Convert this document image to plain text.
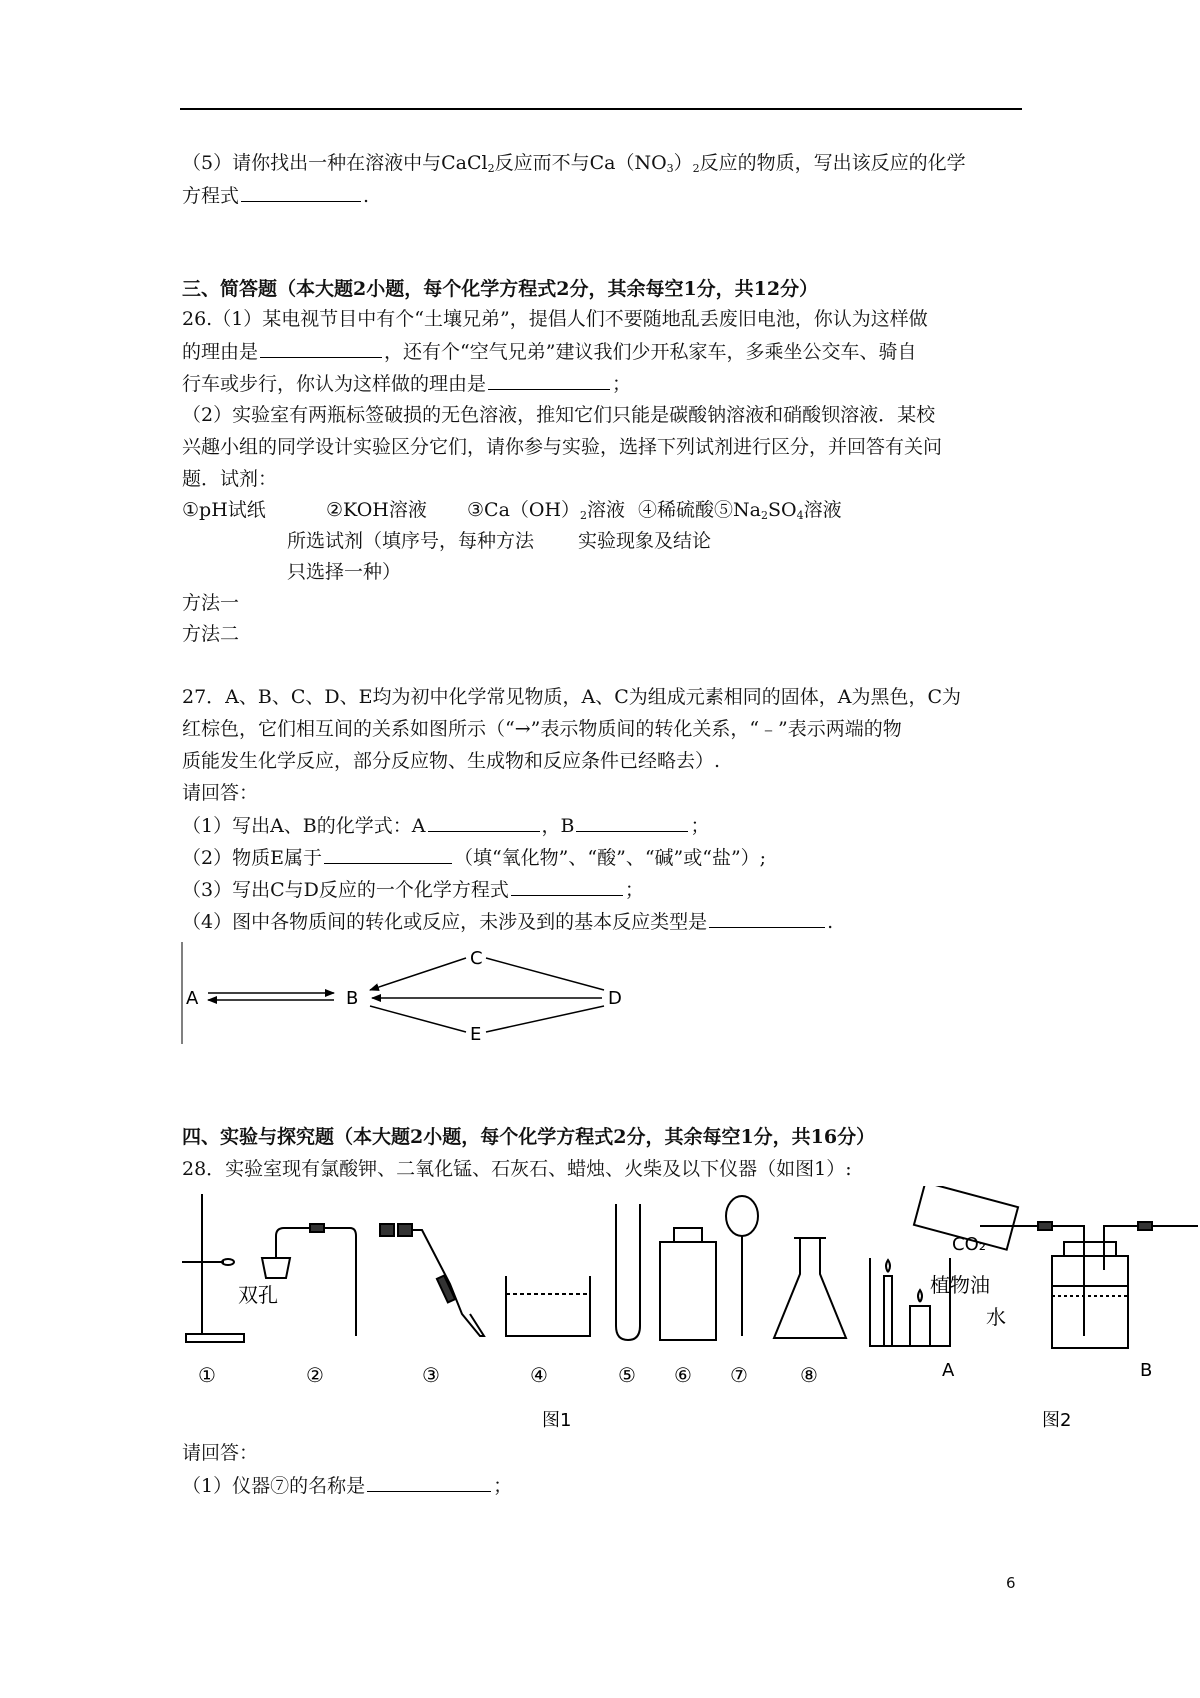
（5）请你找出一种在溶液中与CaCl$_2$反应而不与$Ca(NO_3)_2$反应的物质，写出该反应的化学
方程式	.
三、简答题（本大题2小题，每个化学方程式2分，其余每空1分，共12分）
26.（1）某电视节目中有个“土壤兄弟”，提倡人们不要随地乱丢废旧电池，你认为这样做
的理由是	，还有个“空气兄弟”建议我们少开私家车，多乘坐公交车、骑自
行车或步行，你认为这样做的理由是	；
（2）实验室有两瓶标签破损的无色溶液，推知它们只能是碳酸钠溶液和硝酸钡溶液．某校
兴趣小组的同学设计实验区分它们，请你参与实验，选择下列试剂进行区分，并回答有关问
题．试剂：
①pH试纸	②KOH溶液 $③Ca(OH)_2$溶液 ④稀硫酸$⑤Na_2SO_4$溶液
所选试剂（填序号，每种方法 实验现象及结论
只选择一种）
方法一
方法二
27．A、B、C、D、E均为初中化学常见物质，A、C为组成元素相同的固体，A为黑色，C为
红棕色，它们相互间的关系如图所示（“→”表示物质间的转化关系，“﹣”表示两端的物
质能发生化学反应，部分反应物、生成物和反应条件已经略去）.
请回答：
（1）写出A、B的化学式：A	，B	；
（2）物质E属于	（填“氧化物”、“酸”、“碱”或“盐”）;
（3）写出C与D反应的一个化学方程式	；
（4）图中各物质间的转化或反应，未涉及到的基本反应类型是	.
A	B
C
D
E
四、实验与探究题（本大题2小题，每个化学方程式2分，其余每空1分，共16分）
28．实验室现有氯酸钾、二氧化锰、石灰石、蜡烛、火柴及以下仪器（如图1）:
双孔
CO₂
植物油
水
①	②	③	④	⑤ ⑥ ⑦	⑧	A	B
图1	图2
请回答：
（1）仪器⑦的名称是	；
6
